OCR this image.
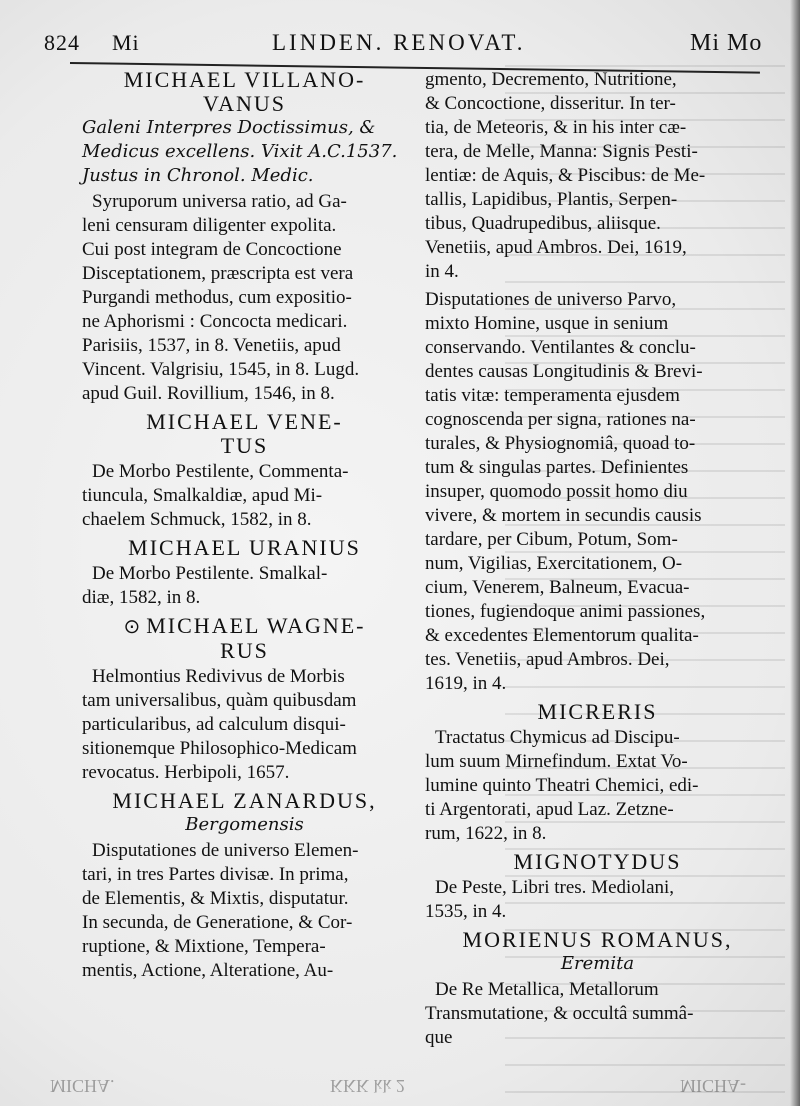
824 Mi	LINDEN. RENOVAT.	Mi Mo
MICHAEL VILLANO-
VANUS
Galeni Interpres Doctissimus, &
Medicus excellens. Vixit A.C.1537.
Justus in Chronol. Medic.
Syruporum universa ratio, ad Ga-
leni censuram diligenter expolita.
Cui post integram de Concoctione
Disceptationem, præscripta est vera
Purgandi methodus, cum expositio-
ne Aphorismi : Concocta medicari.
Parisiis, 1537, in 8. Venetiis, apud
Vincent. Valgrisiu, 1545, in 8. Lugd.
apud Guil. Rovillium, 1546, in 8.
MICHAEL VENE-
TUS
De Morbo Pestilente, Commenta-
tiuncula, Smalkaldiæ, apud Mi-
chaelem Schmuck, 1582, in 8.
MICHAEL URANIUS
De Morbo Pestilente. Smalkal-
diæ, 1582, in 8.
⊙ MICHAEL WAGNE-
RUS
Helmontius Redivivus de Morbis
tam universalibus, quàm quibusdam
particularibus, ad calculum disqui-
sitionemque Philosophico-Medicam
revocatus. Herbipoli, 1657.
MICHAEL ZANARDUS,
Bergomensis
Disputationes de universo Elemen-
tari, in tres Partes divisæ. In prima,
de Elementis, & Mixtis, disputatur.
In secunda, de Generatione, & Cor-
ruptione, & Mixtione, Tempera-
mentis, Actione, Alteratione, Au-
gmento, Decremento, Nutritione,
& Concoctione, disseritur. In ter-
tia, de Meteoris, & in his inter cæ-
tera, de Melle, Manna: Signis Pesti-
lentiæ: de Aquis, & Piscibus: de Me-
tallis, Lapidibus, Plantis, Serpen-
tibus, Quadrupedibus, aliisque.
Venetiis, apud Ambros. Dei, 1619,
in 4.
Disputationes de universo Parvo,
mixto Homine, usque in senium
conservando. Ventilantes & conclu-
dentes causas Longitudinis & Brevi-
tatis vitæ: temperamenta ejusdem
cognoscenda per signa, rationes na-
turales, & Physiognomiâ, quoad to-
tum & singulas partes. Definientes
insuper, quomodo possit homo diu
vivere, & mortem in secundis causis
tardare, per Cibum, Potum, Som-
num, Vigilias, Exercitationem, O-
cium, Venerem, Balneum, Evacua-
tiones, fugiendoque animi passiones,
& excedentes Elementorum qualita-
tes. Venetiis, apud Ambros. Dei,
1619, in 4.
MICRERIS
Tractatus Chymicus ad Discipu-
lum suum Mirnefindum. Extat Vo-
lumine quinto Theatri Chemici, edi-
ti Argentorati, apud Laz. Zetzne-
rum, 1622, in 8.
MIGNOTYDUS
De Peste, Libri tres. Mediolani,
1535, in 4.
MORIENUS ROMANUS,
Eremita
De Re Metallica, Metallorum
Transmutatione, & occultâ summâ-
que
MICHA.	KKK kk 2	MICHA-
